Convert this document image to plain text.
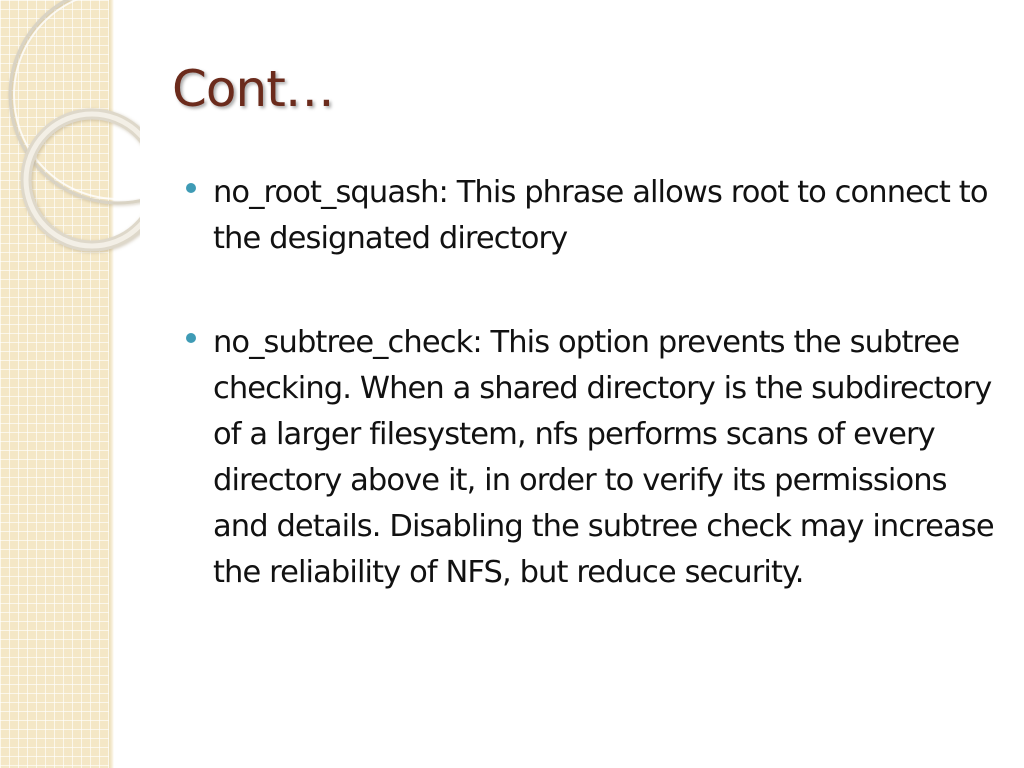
Cont…
no_root_squash: This phrase allows root to connect to the designated directory
no_subtree_check: This option prevents the subtree checking. When a shared directory is the subdirectory of a larger filesystem, nfs performs scans of every directory above it, in order to verify its permissions and details. Disabling the subtree check may increase the reliability of NFS, but reduce security.
